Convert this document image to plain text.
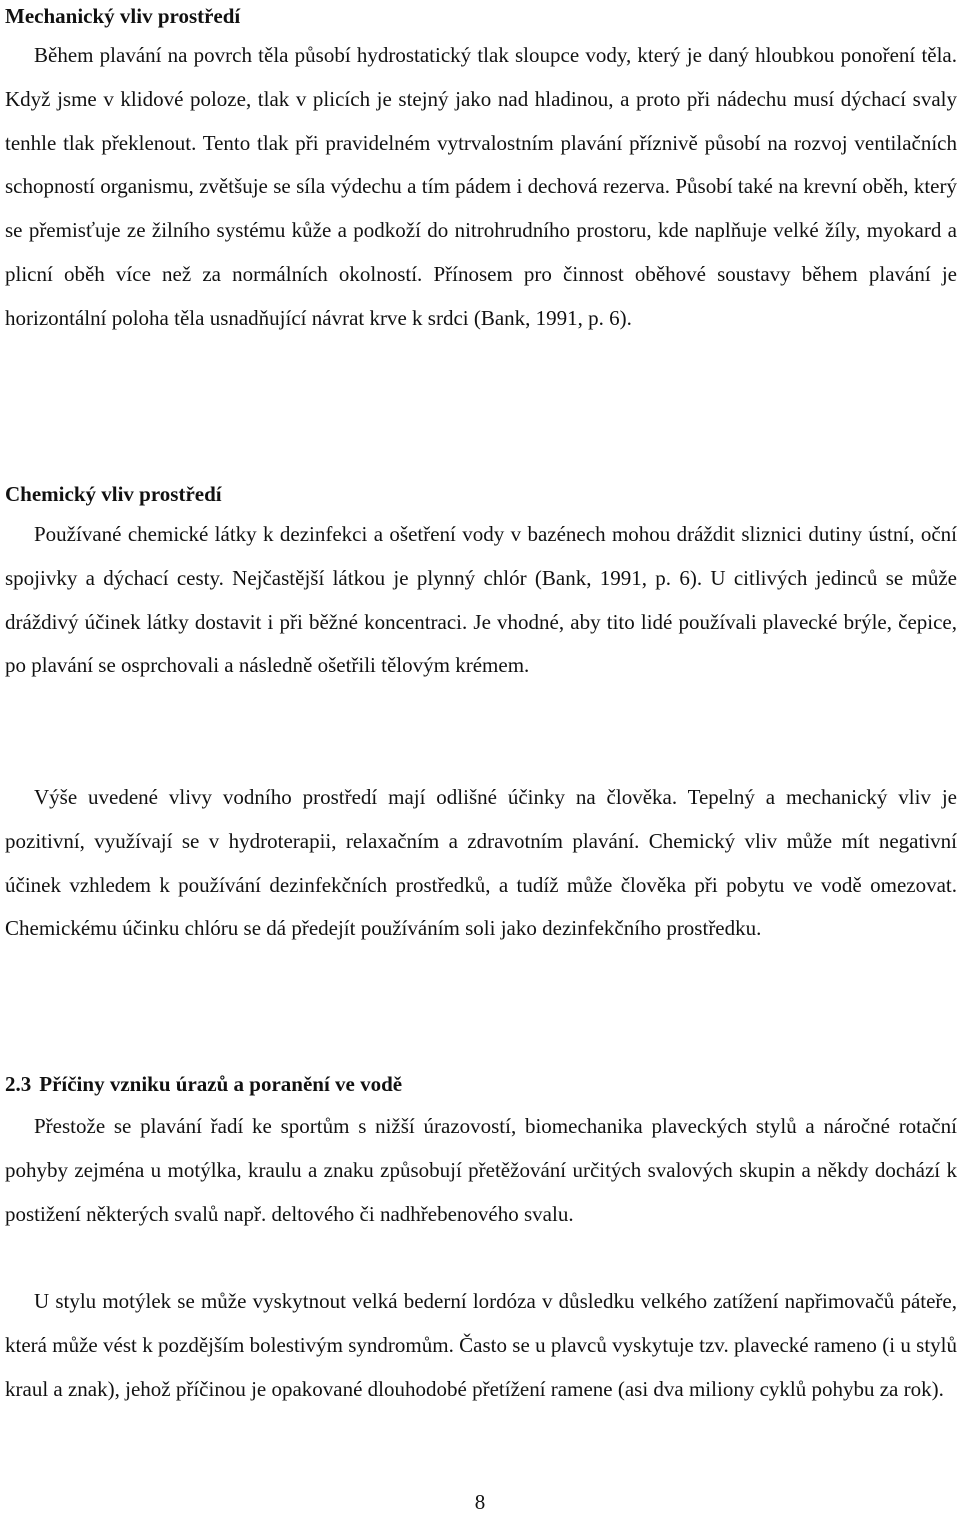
Mechanický vliv prostředí

Během plavání na povrch těla působí hydrostatický tlak sloupce vody, který je daný hloubkou ponoření těla. Když jsme v klidové poloze, tlak v plicích je stejný jako nad hladinou, a proto při nádechu musí dýchací svaly tenhle tlak překlenout. Tento tlak při pravidelném vytrvalostním plavání příznivě působí na rozvoj ventilačních schopností organismu, zvětšuje se síla výdechu a tím pádem i dechová rezerva. Působí také na krevní oběh, který se přemisťuje ze žilního systému kůže a podkoží do nitrohrudního prostoru, kde naplňuje velké žíly, myokard a plicní oběh více než za normálních okolností. Přínosem pro činnost oběhové soustavy během plavání je horizontální poloha těla usnadňující návrat krve k srdci (Bank, 1991, p. 6).

Chemický vliv prostředí

Používané chemické látky k dezinfekci a ošetření vody v bazénech mohou dráždit sliznici dutiny ústní, oční spojivky a dýchací cesty. Nejčastější látkou je plynný chlór (Bank, 1991, p. 6). U citlivých jedinců se může dráždivý účinek látky dostavit i při běžné koncentraci. Je vhodné, aby tito lidé používali plavecké brýle, čepice, po plavání se osprchovali a následně ošetřili tělovým krémem.

Výše uvedené vlivy vodního prostředí mají odlišné účinky na člověka. Tepelný a mechanický vliv je pozitivní, využívají se v hydroterapii, relaxačním a zdravotním plavání. Chemický vliv může mít negativní účinek vzhledem k používání dezinfekčních prostředků, a tudíž může člověka při pobytu ve vodě omezovat. Chemickému účinku chlóru se dá předejít používáním soli jako dezinfekčního prostředku.

2.3 Příčiny vzniku úrazů a poranění ve vodě

Přestože se plavání řadí ke sportům s nižší úrazovostí, biomechanika plaveckých stylů a náročné rotační pohyby zejména u motýlka, kraulu a znaku způsobují přetěžování určitých svalových skupin a někdy dochází k postižení některých svalů např. deltového či nadhřebenového svalu.

U stylu motýlek se může vyskytnout velká bederní lordóza v důsledku velkého zatížení napřimovačů páteře, která může vést k pozdějším bolestivým syndromům. Často se u plavců vyskytuje tzv. plavecké rameno (i u stylů kraul a znak), jehož příčinou je opakované dlouhodobé přetížení ramene (asi dva miliony cyklů pohybu za rok).

8
